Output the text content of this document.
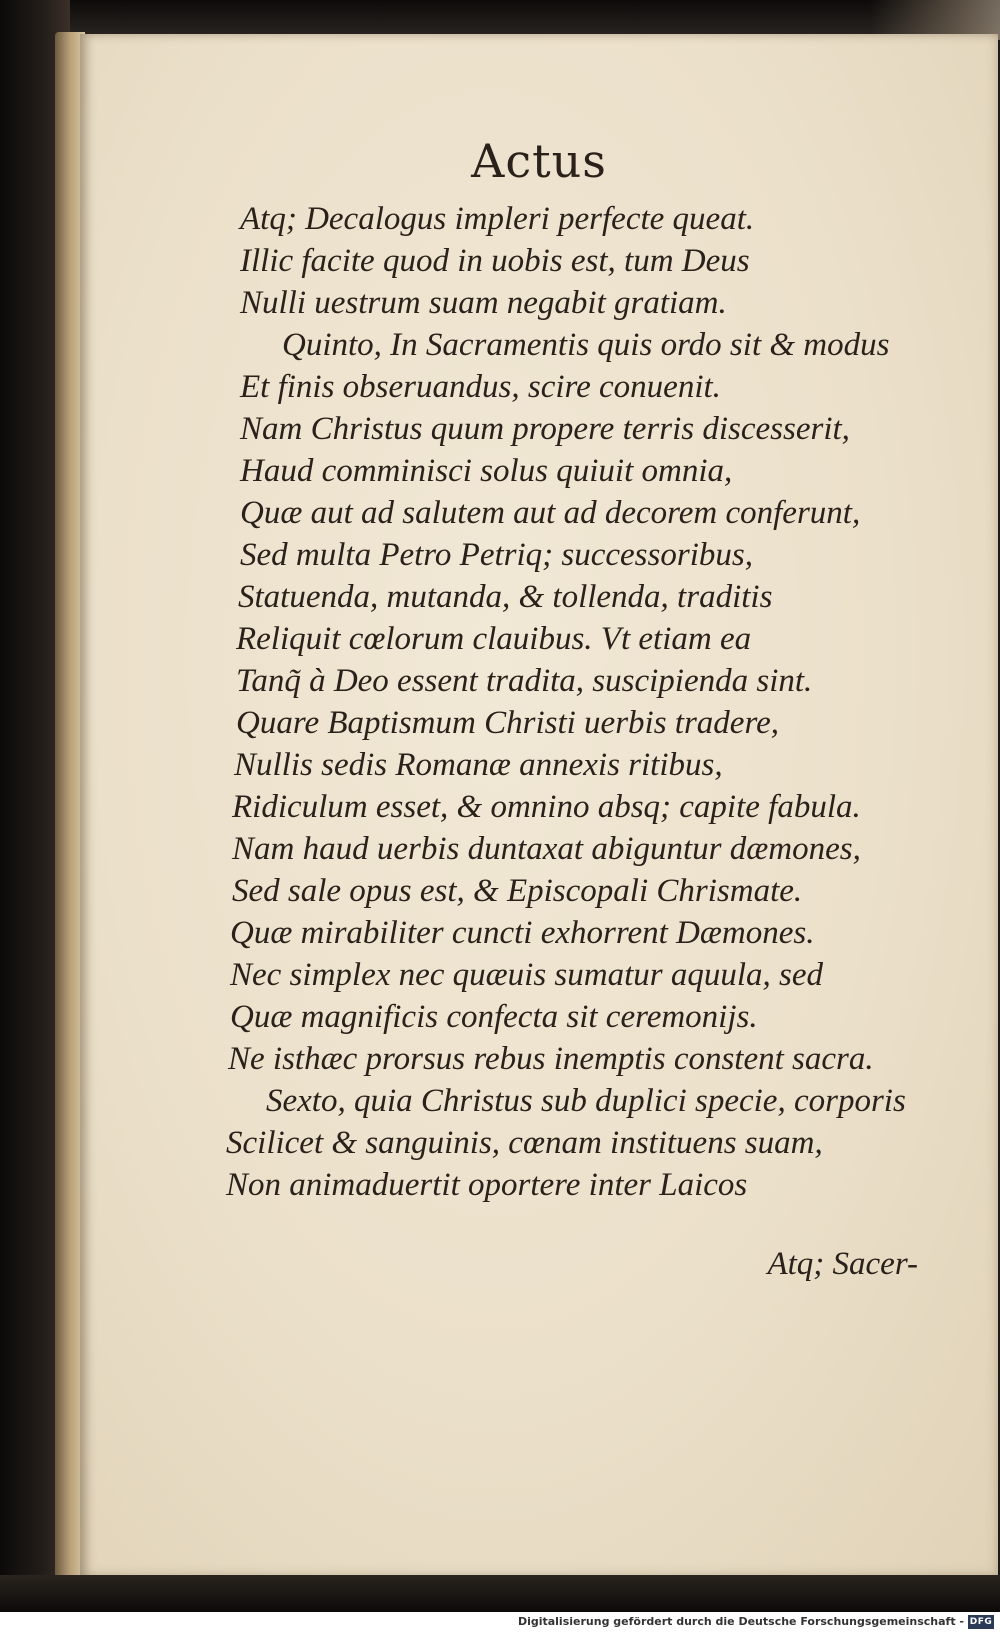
Actus
Atq; Decalogus impleri perfecte queat.
Illic facite quod in uobis est, tum Deus
Nulli uestrum suam negabit gratiam.
Quinto, In Sacramentis quis ordo sit & modus
Et finis obseruandus, scire conuenit.
Nam Christus quum propere terris discesserit,
Haud comminisci solus quiuit omnia,
Quæ aut ad salutem aut ad decorem conferunt,
Sed multa Petro Petriq; successoribus,
Statuenda, mutanda, & tollenda, traditis
Reliquit cœlorum clauibus. Vt etiam ea
Tanq̃ à Deo essent tradita, suscipienda sint.
Quare Baptismum Christi uerbis tradere,
Nullis sedis Romanæ annexis ritibus,
Ridiculum esset, & omnino absq; capite fabula.
Nam haud uerbis duntaxat abiguntur dæmones,
Sed sale opus est, & Episcopali Chrismate.
Quæ mirabiliter cuncti exhorrent Dæmones.
Nec simplex nec quæuis sumatur aquula, sed
Quæ magnificis confecta sit ceremonijs.
Ne isthæc prorsus rebus inemptis constent sacra.
Sexto, quia Christus sub duplici specie, corporis
Scilicet & sanguinis, cœnam instituens suam,
Non animaduertit oportere inter Laicos
Atq; Sacer-
Digitalisierung gefördert durch die Deutsche Forschungsgemeinschaft - DFG
